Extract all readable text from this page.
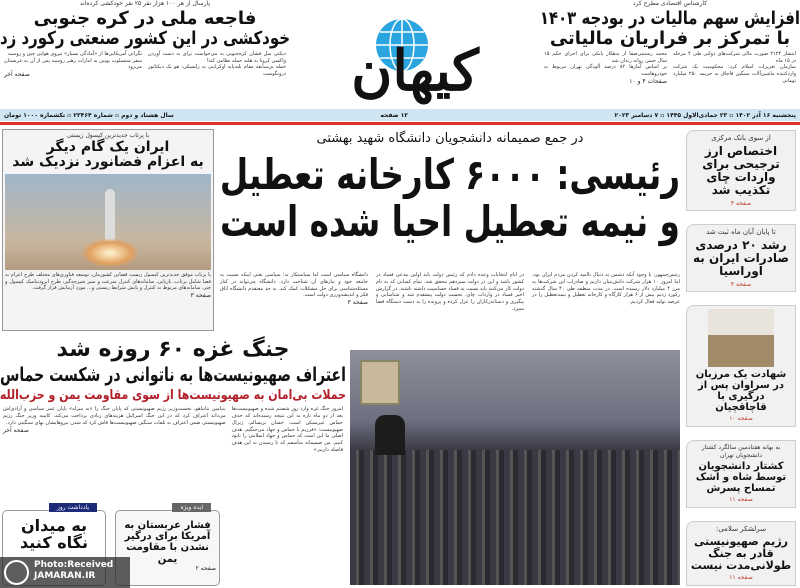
پارسال از هر ۱۰۰ هزار نفر ۲۵ نفر خودکشی کرده‌اند
فاجعه ملی در کره جنوبی
خودکشی در این کشور صنعتی رکورد زد

دیکتی میل فشان کره‌جنوبی به می‌خواست برای به دست آوردن واکسن کرونا به هلند حمله نظامی کند!

حمله بی‌سابقه مقام بلندپایه اوکراینی به زلنسکی: هو یک دیکتاتور درونگوست

نگرانی آمریکایی‌ها از «آمادگی بسیار» نیروی هوایی چین و روسیه

سفر منتسلوت پوتین به امارات رهبر روسیه پس از آن به عربستان می‌رود

صفحه آخر	کیهان
کارشناس اقتصادی مطرح کرد
افزایش سهم مالیات در بودجه ۱۴۰۳
با تمرکز بر فراریان مالیاتی

انتشار ۲۱۲۴ صورت مالی شرکت‌های دولتی طی ۴ مرحله در ۱۵ ماه

سازمان تعزیرات اسلام کرد: محکومیت یک شرکت واردکننده ماشین‌آلات سنگین قاچاق به جریمه ۲۵۰ میلیارد تومانی

محمد رستمی‌صفا از بدهکار بانکی برای اجرای حکم ۱۵ سال حبس روانه زندان شد

بر اساس آمارها ۸۲ درصد آلودگی تهران مربوط به خودروهاست

صفحات ۴ و ۱۰

پنجشنبه ۱۶ آذر ۱۴۰۲ ▫ ۲۳ جمادی‌الاول ۱۴۴۵ ▫ ۷ دسامبر ۲۰۲۳
۱۲ صفحه
سال هشتاد و دوم ▫ شماره ۲۳۴۶۴ ▫ تکشماره ۱۰۰۰ تومان
با پرتاب جدیدترین کپسول زیستی
ایران یک گام دیگر
به اعزام فضانورد نزدیک شد

با پرتاب موفق جدیدترین کپسول زیست فضایی کشورمان، توسعه فناوری‌های مختلف طرح اعزام به فضا شامل پرتاب، بازیابی، سامانه‌های کنترل سرعت و سیر شیرجه‌گیر، طرح ایرودینامیک کپسول و چتر، سامانه‌های مربوط به کنترل و پایش شرایط زیستی و... مورد آزمایش قرار گرفت.

صفحه ۳

در جمع صمیمانه دانشجویان دانشگاه شهید بهشتی
رئیسی: ۶۰۰۰ کارخانه تعطیل
و نیمه تعطیل احیا شده است

رئیس‌جمهور: با وجود آنکه دشمن به دنبال ناامید کردن مردم ایران بود، اما امروز ۱۰ هزار شرکت دانش‌بنیان داریم و صادرات این شرکت‌ها به مرز ۴ میلیارد دلار رسیده است. در مدت منطقه طی ۴۰ سال گذشته رکورد زدیم بیش از ۶ هزار کارگاه و کارخانه تعطیل و نیمه‌تعطیل را در عرصه تولید فعال کردیم.

در ایام انتخابات وعده دادم که رئیس دولت باید اولین مدعی فساد در کشور باشد و این در دولت سیزدهم محقق شد. تمام کسانی که به نام دولت کار می‌کنند باید نسبت به فساد حساسیت داشته باشند. در گزارش اخیر فساد در واردات چای، نخست دولت پیشقدم شد و شناسایی و پیگیری و دستاندرکاران را عزل کرده و پرونده را به دست دستگاه قضا سپرد.

دانشگاه سیاسی است اما سیاستکار نه؛ سیاسی یعنی اینکه نسبت به جامعه خود و نیازهای آن شناخت دارد. دانشگاه می‌تواند در کنار مسئله‌شناسی برای حل مشکلات کمک کند. به جد معتقدم دانشگاه اتاق فکر و اندیشه‌ورزی دولت است.

صفحه ۳

جنگ غزه ۶۰ روزه شد
اعتراف صهیونیست‌ها به ناتوانی در شکست حماس
حملات بی‌امان به صهیونیست‌ها از سوی مقاومت یمن و حزب‌الله

امروز جنگ غزه وارد روز شصتم شده و صهیونیست‌ها بعد از دو ماه تازه به این نتیجه رسیده‌اند که حذف حماس غیرممکن است. حسان بریسالم، ژنرال صهیونیست: «فرزیم با حماس و جهاد می‌جنگیم. هدف اصلی ما این است که حماس و جهاد اسلامی را نابود کنیم. من صمیمانه متأسفم که تا رسیدن به این هدف فاصله داریم.»

بنیامین نتانیاهو، نخست‌وزیر رژیم صهیونیستی که پایان جنگ را «به منزله» پایان عمر سیاسی و آزادی‌اش می‌داند اعتراف کرد که در این جنگ اسرائیل هزینه‌های زیادی پرداخت می‌کند. کابینه وزیر جنگ رژیم صهیونیستی ضمن اعتراف به تلفات سنگین صهیونیست‌ها فاش کرد که شدن نیروهایشان بهای سنگینی دارد.

صفحه آخر

ایده ویژه
فشار عربستان به آمریکا برای درگیر نشدن با مقاومت یمن

صفحه ۲

یادداشت روز
به میدان نگاه کنید
Photo:Received
JAMARAN.IR
از سوی بانک مرکزی
اختصاص ارز ترجیحی برای واردات چای تکذیب شد
صفحه ۴
تا پایان آبان ماه ثبت شد
رشد ۲۰ درصدی صادرات ایران به اوراسیا
صفحه ۴
شهادت یک مرزبان در سراوان پس از درگیری با قاچاقچیان
صفحه ۱۰
به بهانه هفتادمین سالگرد کشتار دانشجویان تهران
کشتار دانشجویان توسط شاه و اشک تمساح پسرش
صفحه ۱۱
سرلشکر سلامی:
رژیم صهیونیستی قادر به جنگ طولانی‌مدت نیست
صفحه ۱۱
